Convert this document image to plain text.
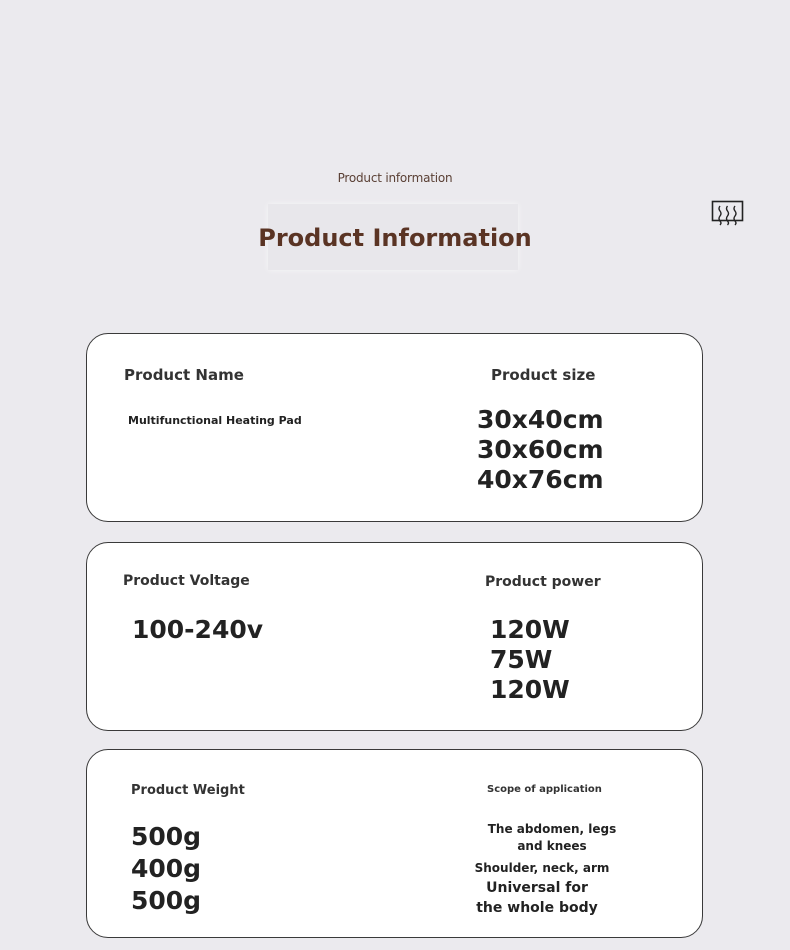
Product information
Product Information
Product Name
Multifunctional Heating Pad
Product size
30x40cm
30x60cm
40x76cm
Product Voltage
100-240v
Product power
120W
75W
120W
Product Weight
500g
400g
500g
Scope of application
The abdomen, legs
and knees
Shoulder, neck, arm
Universal for
the whole body
